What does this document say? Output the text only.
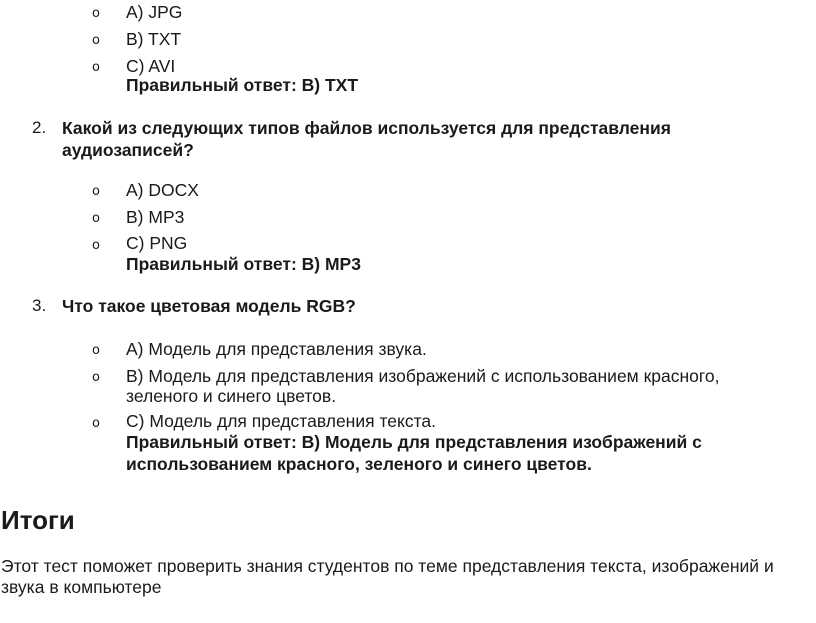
o A) JPG
o B) TXT
o C) AVI
Правильный ответ: B) TXT
2. Какой из следующих типов файлов используется для представления
аудиозаписей?
o A) DOCX
o B) MP3
o C) PNG
Правильный ответ: B) MP3
3. Что такое цветовая модель RGB?
o A) Модель для представления звука.
o B) Модель для представления изображений с использованием красного,
зеленого и синего цветов.
o C) Модель для представления текста.
Правильный ответ: B) Модель для представления изображений с
использованием красного, зеленого и синего цветов.
Итоги
Этот тест поможет проверить знания студентов по теме представления текста, изображений и
звука в компьютере
